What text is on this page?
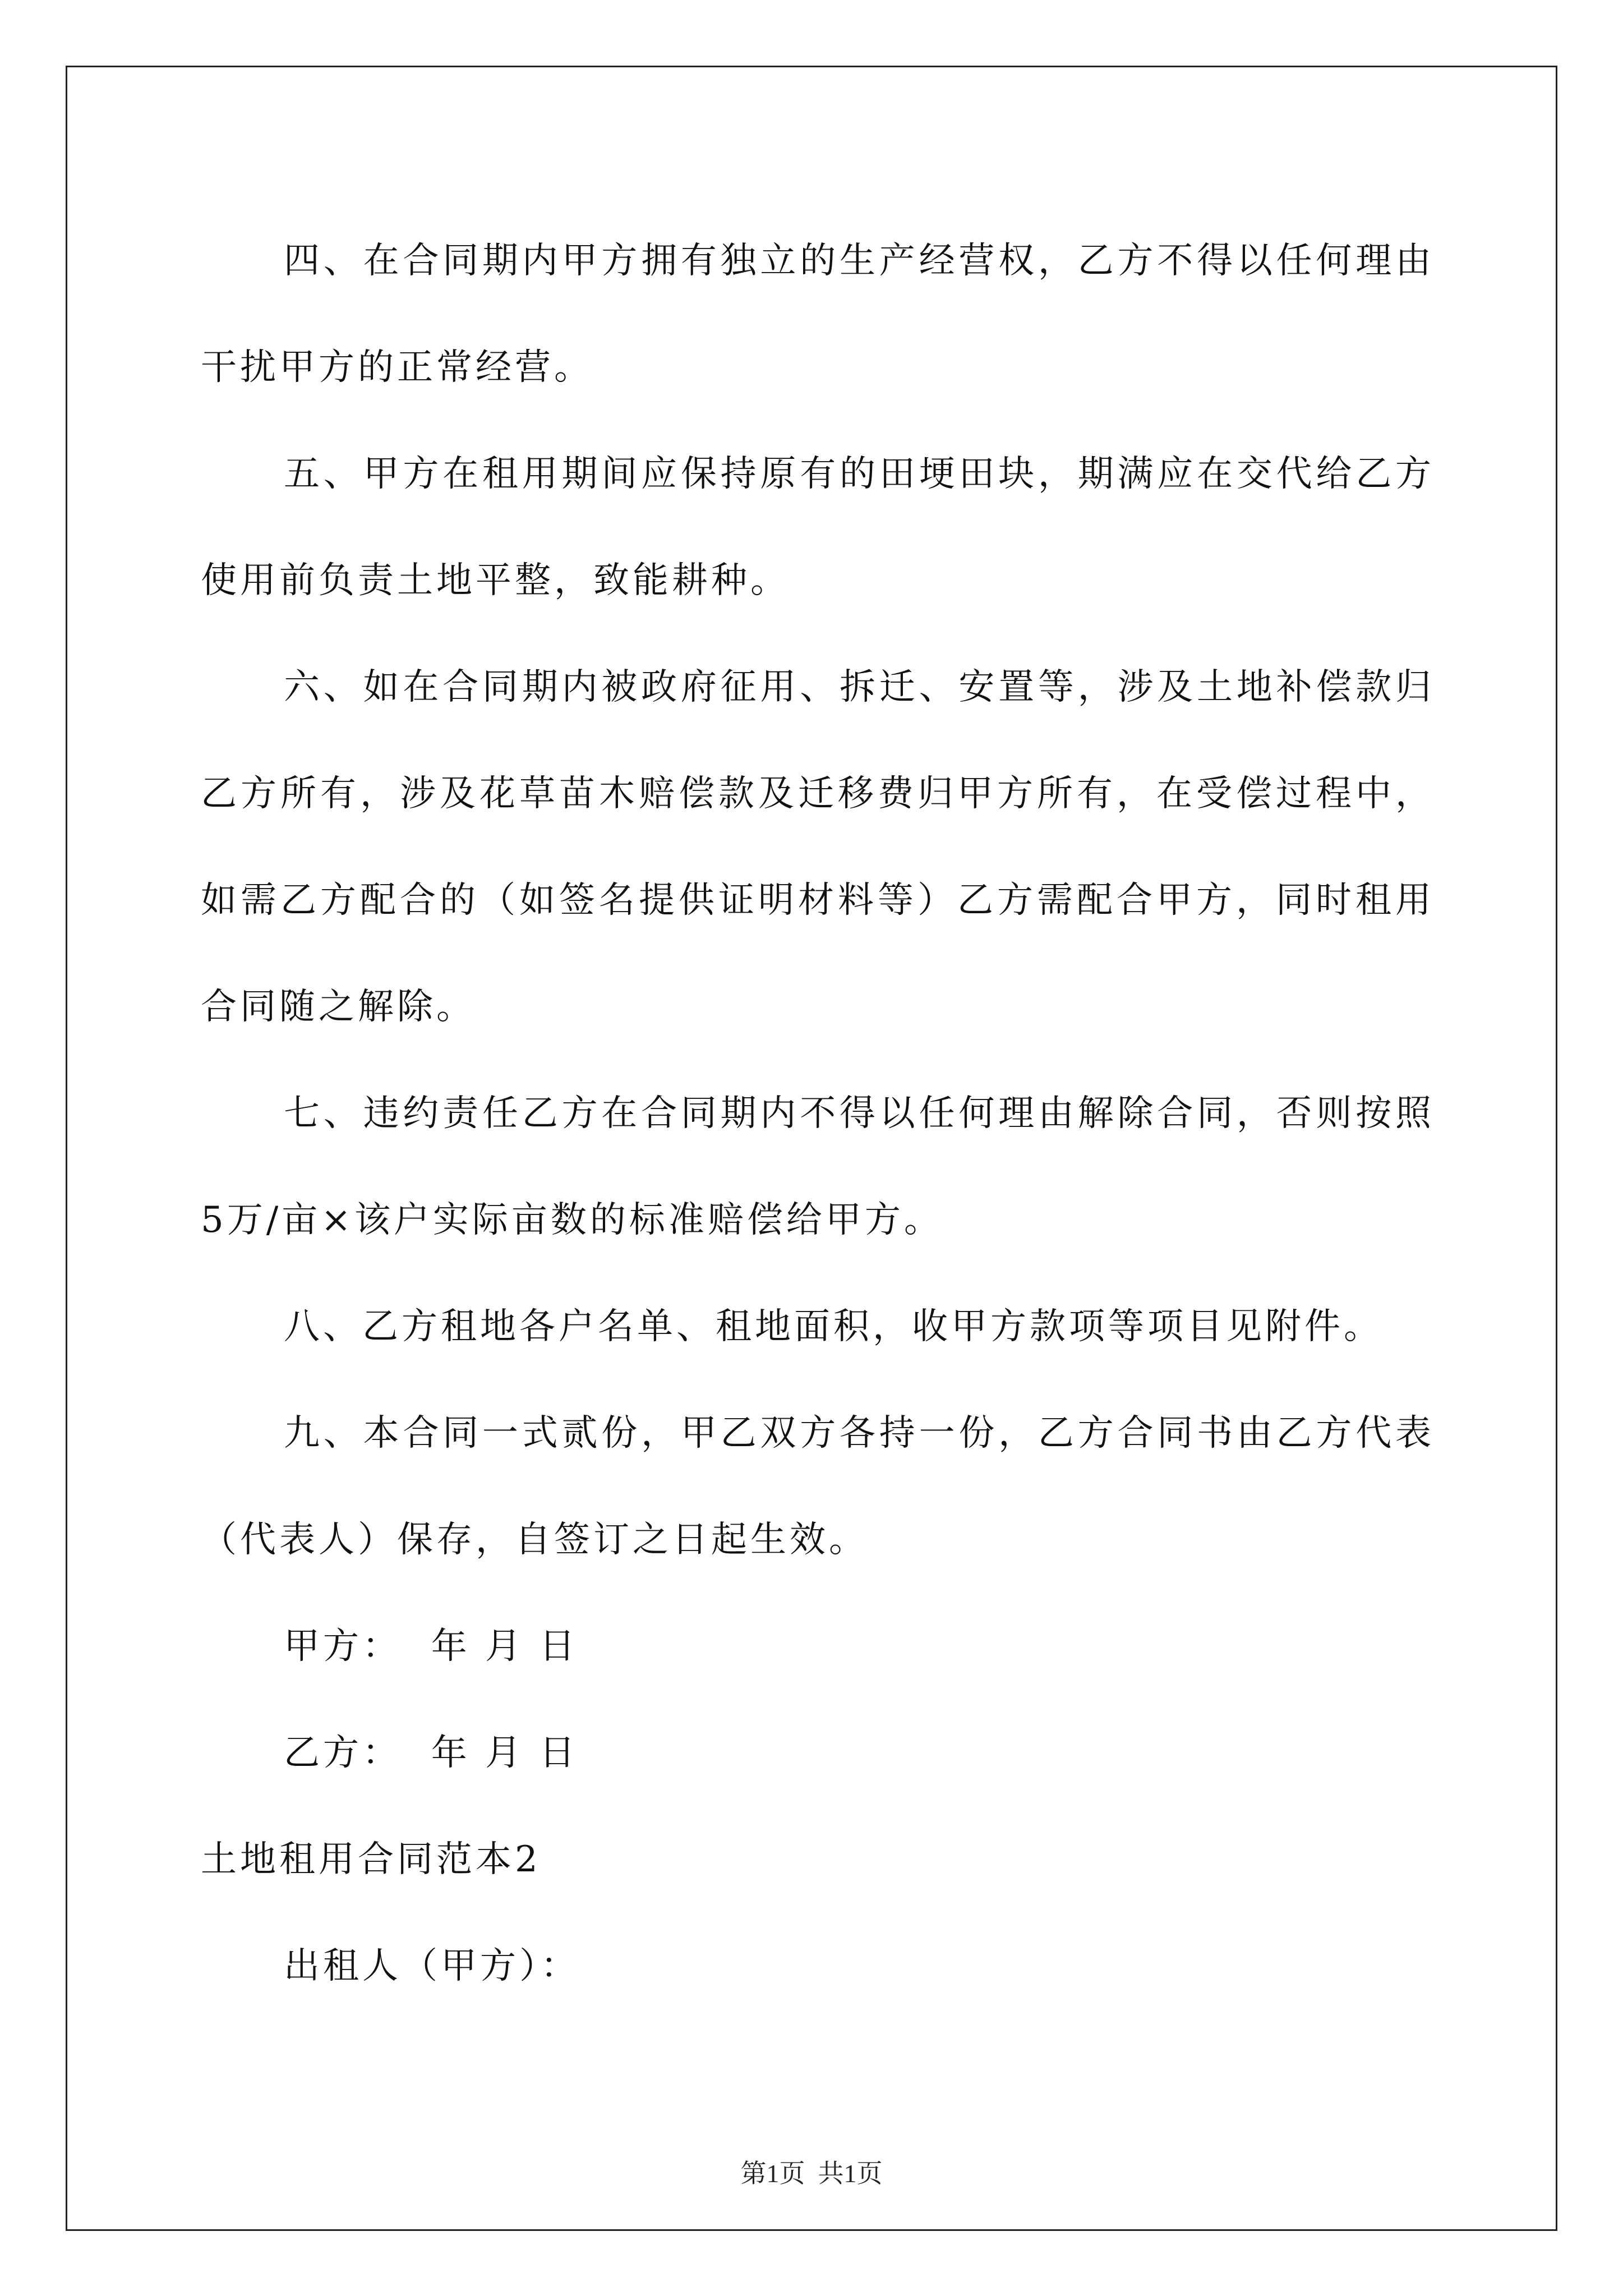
四、在合同期内甲方拥有独立的生产经营权，乙方不得以任何理由干扰甲方的正常经营。

五、甲方在租用期间应保持原有的田埂田块，期满应在交代给乙方使用前负责土地平整，致能耕种。

六、如在合同期内被政府征用、拆迁、安置等，涉及土地补偿款归乙方所有，涉及花草苗木赔偿款及迁移费归甲方所有，在受偿过程中，如需乙方配合的（如签名提供证明材料等）乙方需配合甲方，同时租用合同随之解除。

七、违约责任乙方在合同期内不得以任何理由解除合同，否则按照5万/亩×该户实际亩数的标准赔偿给甲方。

八、乙方租地各户名单、租地面积，收甲方款项等项目见附件。

九、本合同一式贰份，甲乙双方各持一份，乙方合同书由乙方代表（代表人）保存，自签订之日起生效。

甲方： 年 月 日

乙方： 年 月 日

土地租用合同范本2

出租人（甲方）：

第1页  共1页
